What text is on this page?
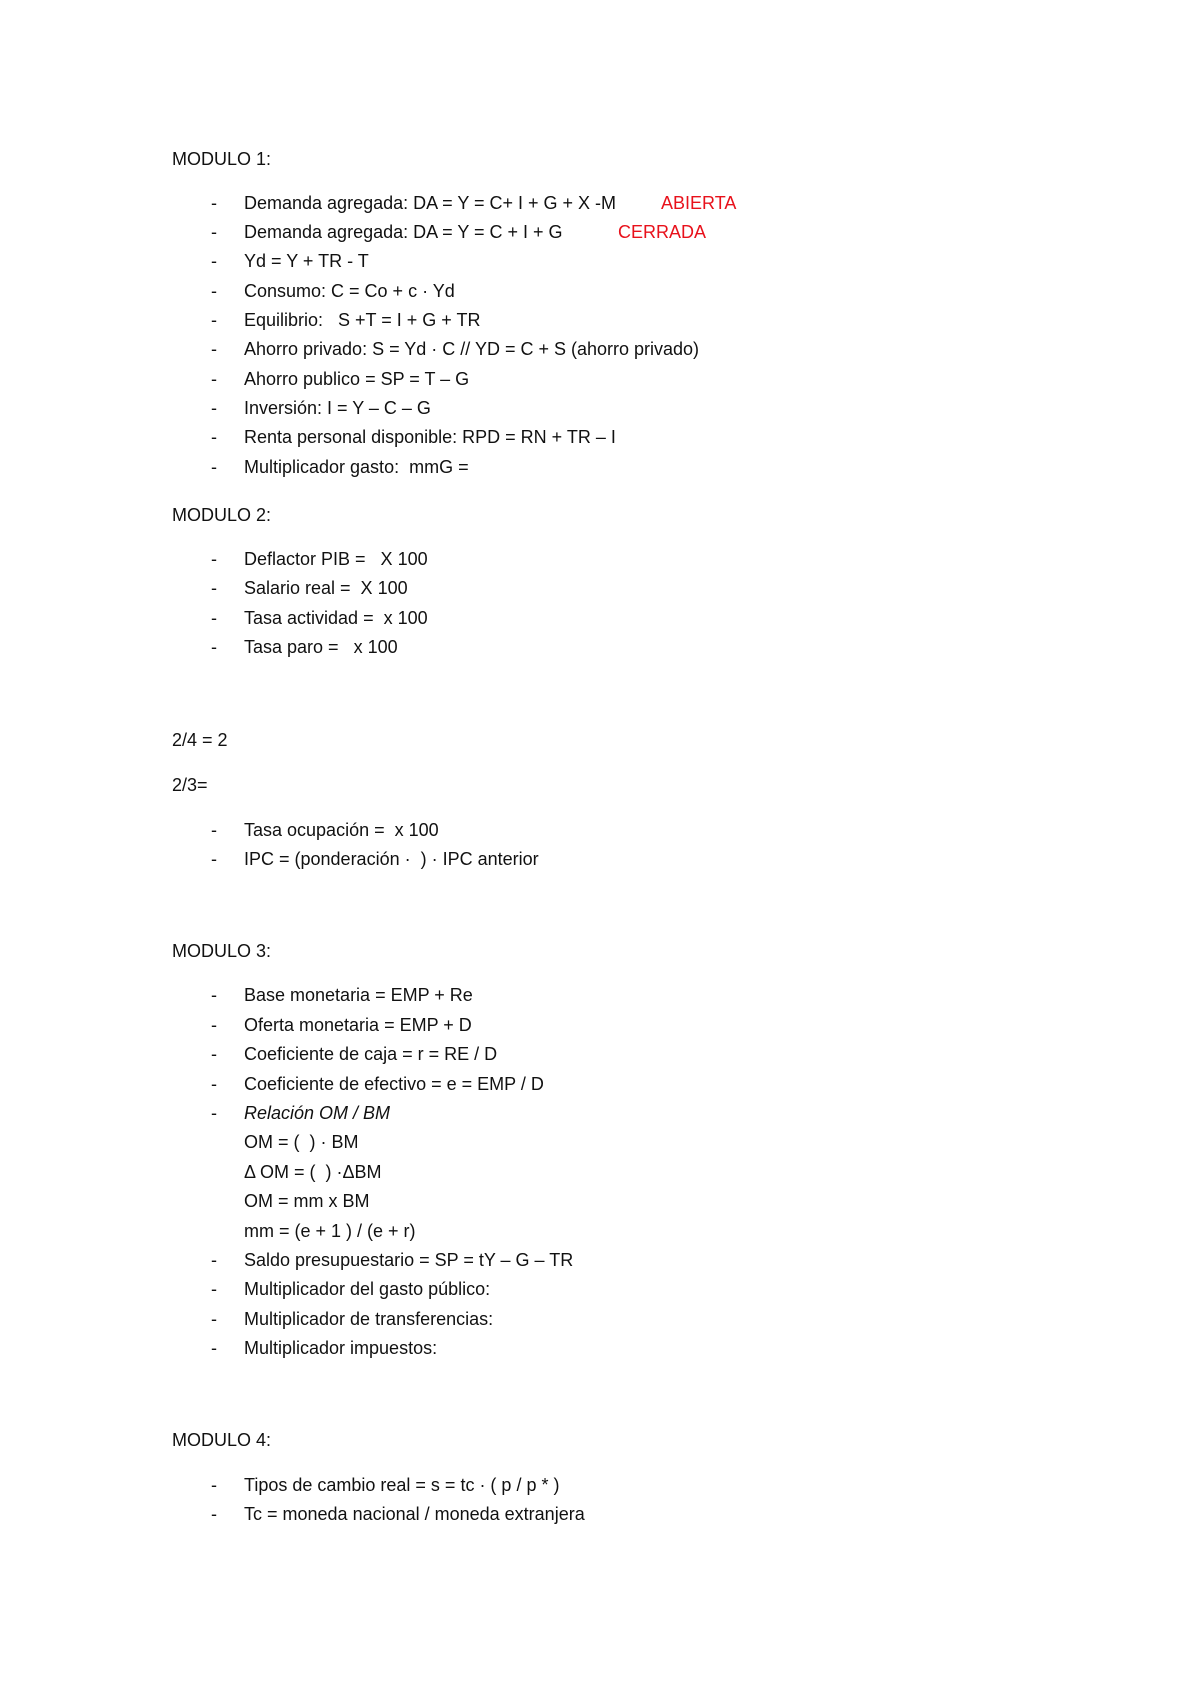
MODULO 1:
- Demanda agregada: DA = Y = C+ I + G + X -M ABIERTA
- Demanda agregada: DA = Y = C + I + G	CERRADA
- Yd = Y + TR - T
- Consumo: C = Co + c · Yd
- Equilibrio:   S +T = I + G + TR
- Ahorro privado: S = Yd · C // YD = C + S (ahorro privado)
- Ahorro publico = SP = T – G
- Inversión: I = Y – C – G
- Renta personal disponible: RPD = RN + TR – I
- Multiplicador gasto:  mmG =
MODULO 2:
- Deflactor PIB =   X 100
- Salario real =  X 100
- Tasa actividad =  x 100
- Tasa paro =   x 100
2/4 = 2
2/3=
- Tasa ocupación =  x 100
- IPC = (ponderación ·  ) · IPC anterior
MODULO 3:
- Base monetaria = EMP + Re
- Oferta monetaria = EMP + D
- Coeficiente de caja = r = RE / D
- Coeficiente de efectivo = e = EMP / D
- Relación OM / BM
OM = (  ) · BM
Δ OM = (  ) ·ΔBM
OM = mm x BM
mm = (e + 1 ) / (e + r)
- Saldo presupuestario = SP = tY – G – TR
- Multiplicador del gasto público:
- Multiplicador de transferencias:
- Multiplicador impuestos:
MODULO 4:
- Tipos de cambio real = s = tc · ( p / p * )
- Tc = moneda nacional / moneda extranjera
